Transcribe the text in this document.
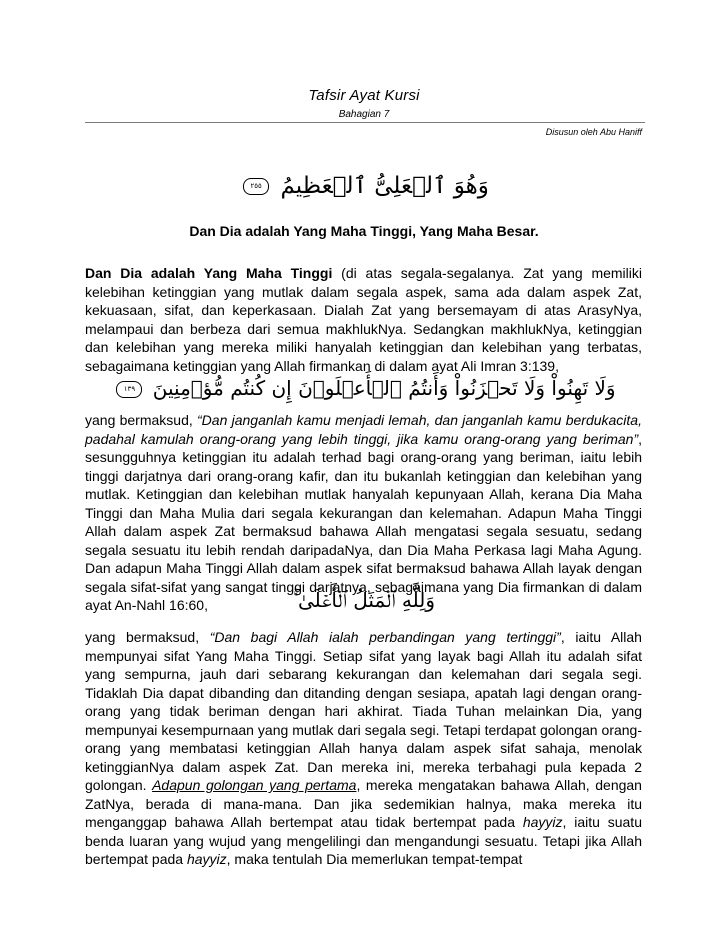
Tafsir Ayat Kursi
Bahagian 7
Disusun oleh Abu Haniff
وَهُوَ ٱلۡعَلِىُّ ٱلۡعَظِيمُ ٢٥٥
Dan Dia adalah Yang Maha Tinggi, Yang Maha Besar.
Dan Dia adalah Yang Maha Tinggi (di atas segala-segalanya. Zat yang memiliki kelebihan ketinggian yang mutlak dalam segala aspek, sama ada dalam aspek Zat, kekuasaan, sifat, dan keperkasaan. Dialah Zat yang bersemayam di atas ArasyNya, melampaui dan berbeza dari semua makhlukNya. Sedangkan makhlukNya, ketinggian dan kelebihan yang mereka miliki hanyalah ketinggian dan kelebihan yang terbatas, sebagaimana ketinggian yang Allah firmankan di dalam ayat Ali Imran 3:139,
وَلَا تَهِنُواْ وَلَا تَحۡزَنُواْ وَأَنتُمُ ٱلۡأَعۡلَوۡنَ إِن كُنتُم مُّؤۡمِنِينَ ١٣٩
yang bermaksud, “Dan janganlah kamu menjadi lemah, dan janganlah kamu berdukacita, padahal kamulah orang-orang yang lebih tinggi, jika kamu orang-orang yang beriman”, sesungguhnya ketinggian itu adalah terhad bagi orang-orang yang beriman, iaitu lebih tinggi darjatnya dari orang-orang kafir, dan itu bukanlah ketinggian dan kelebihan yang mutlak. Ketinggian dan kelebihan mutlak hanyalah kepunyaan Allah, kerana Dia Maha Tinggi dan Maha Mulia dari segala kekurangan dan kelemahan. Adapun Maha Tinggi Allah dalam aspek Zat bermaksud bahawa Allah mengatasi segala sesuatu, sedang segala sesuatu itu lebih rendah daripadaNya, dan Dia Maha Perkasa lagi Maha Agung. Dan adapun Maha Tinggi Allah dalam aspek sifat bermaksud bahawa Allah layak dengan segala sifat-sifat yang sangat tinggi darjatnya, sebagaimana yang Dia firmankan di dalam ayat An-Nahl 16:60,	وَلِلَّهِ ٱلۡمَثَلُ ٱلۡأَعۡلَىٰ ۚ
yang bermaksud, “Dan bagi Allah ialah perbandingan yang tertinggi”, iaitu Allah mempunyai sifat Yang Maha Tinggi. Setiap sifat yang layak bagi Allah itu adalah sifat yang sempurna, jauh dari sebarang kekurangan dan kelemahan dari segala segi. Tidaklah Dia dapat dibanding dan ditanding dengan sesiapa, apatah lagi dengan orang-orang yang tidak beriman dengan hari akhirat. Tiada Tuhan melainkan Dia, yang mempunyai kesempurnaan yang mutlak dari segala segi. Tetapi terdapat golongan orang-orang yang membatasi ketinggian Allah hanya dalam aspek sifat sahaja, menolak ketinggianNya dalam aspek Zat. Dan mereka ini, mereka terbahagi pula kepada 2 golongan. Adapun golongan yang pertama, mereka mengatakan bahawa Allah, dengan ZatNya, berada di mana-mana. Dan jika sedemikian halnya, maka mereka itu menganggap bahawa Allah bertempat atau tidak bertempat pada hayyiz, iaitu suatu benda luaran yang wujud yang mengelilingi dan mengandungi sesuatu. Tetapi jika Allah bertempat pada hayyiz, maka tentulah Dia memerlukan tempat-tempat
